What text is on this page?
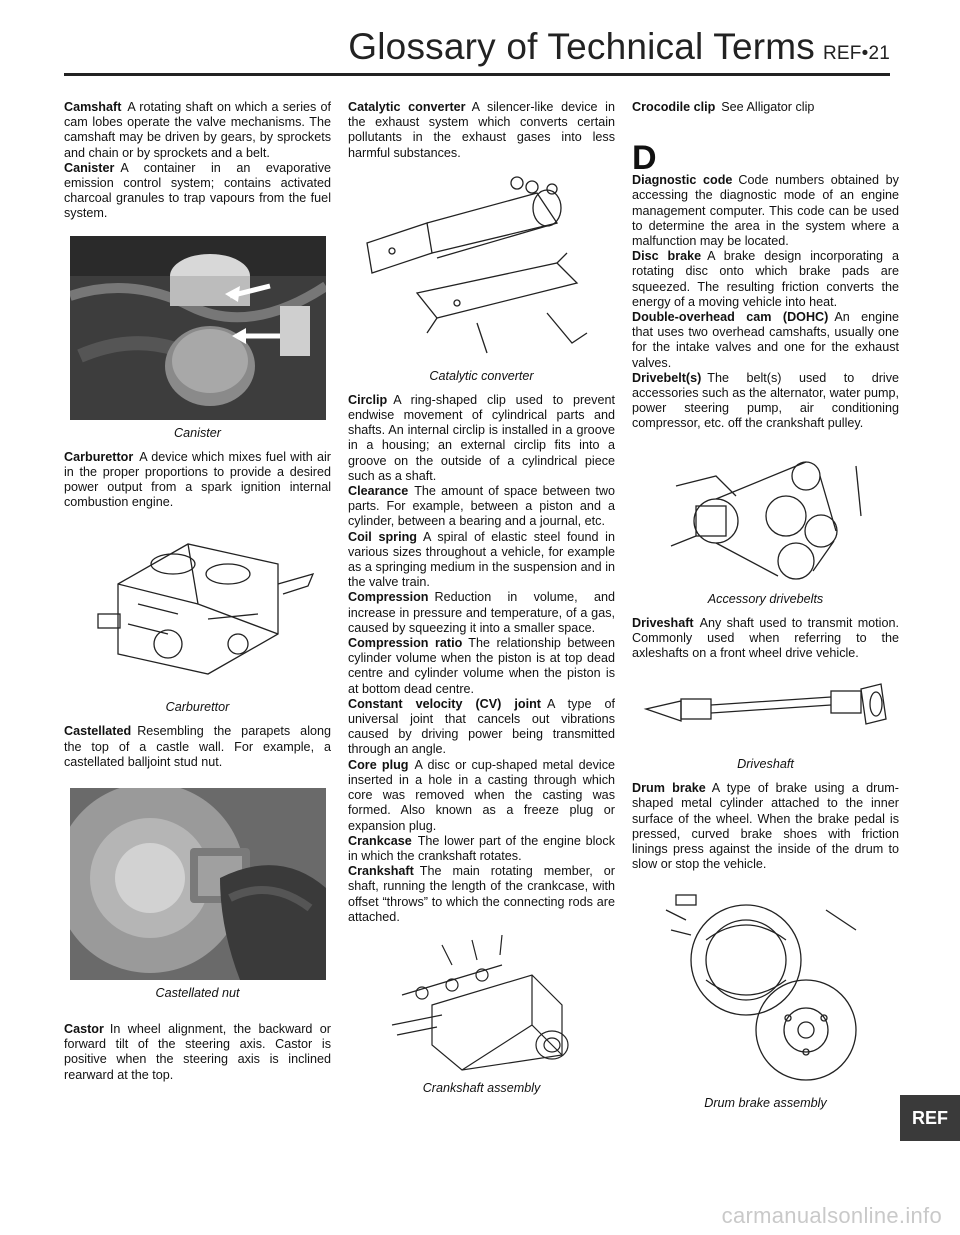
Glossary of Technical Terms REF•21

Camshaft A rotating shaft on which a series of cam lobes operate the valve mechanisms. The camshaft may be driven by gears, by sprockets and chain or by sprockets and a belt.

Canister A container in an evaporative emission control system; contains activated charcoal granules to trap vapours from the fuel system.

Canister

Carburettor A device which mixes fuel with air in the proper proportions to provide a desired power output from a spark ignition internal combustion engine.

Carburettor

Castellated Resembling the parapets along the top of a castle wall. For example, a castellated balljoint stud nut.

Castellated nut

Castor In wheel alignment, the backward or forward tilt of the steering axis. Castor is positive when the steering axis is inclined rearward at the top.

Catalytic converter A silencer-like device in the exhaust system which converts certain pollutants in the exhaust gases into less harmful substances.

Catalytic converter

Circlip A ring-shaped clip used to prevent endwise movement of cylindrical parts and shafts. An internal circlip is installed in a groove in a housing; an external circlip fits into a groove on the outside of a cylindrical piece such as a shaft.

Clearance The amount of space between two parts. For example, between a piston and a cylinder, between a bearing and a journal, etc.

Coil spring A spiral of elastic steel found in various sizes throughout a vehicle, for example as a springing medium in the suspension and in the valve train.

Compression Reduction in volume, and increase in pressure and temperature, of a gas, caused by squeezing it into a smaller space.

Compression ratio The relationship between cylinder volume when the piston is at top dead centre and cylinder volume when the piston is at bottom dead centre.

Constant velocity (CV) joint A type of universal joint that cancels out vibrations caused by driving power being transmitted through an angle.

Core plug A disc or cup-shaped metal device inserted in a hole in a casting through which core was removed when the casting was formed. Also known as a freeze plug or expansion plug.

Crankcase The lower part of the engine block in which the crankshaft rotates.

Crankshaft The main rotating member, or shaft, running the length of the crankcase, with offset “throws” to which the connecting rods are attached.

Crankshaft assembly

Crocodile clip See Alligator clip

D

Diagnostic code Code numbers obtained by accessing the diagnostic mode of an engine management computer. This code can be used to determine the area in the system where a malfunction may be located.

Disc brake A brake design incorporating a rotating disc onto which brake pads are squeezed. The resulting friction converts the energy of a moving vehicle into heat.

Double-overhead cam (DOHC) An engine that uses two overhead camshafts, usually one for the intake valves and one for the exhaust valves.

Drivebelt(s) The belt(s) used to drive accessories such as the alternator, water pump, power steering pump, air conditioning compressor, etc. off the crankshaft pulley.

Accessory drivebelts

Driveshaft Any shaft used to transmit motion. Commonly used when referring to the axleshafts on a front wheel drive vehicle.

Driveshaft

Drum brake A type of brake using a drum-shaped metal cylinder attached to the inner surface of the wheel. When the brake pedal is pressed, curved brake shoes with friction linings press against the inside of the drum to slow or stop the vehicle.

Drum brake assembly
REF
carmanualsonline.info
